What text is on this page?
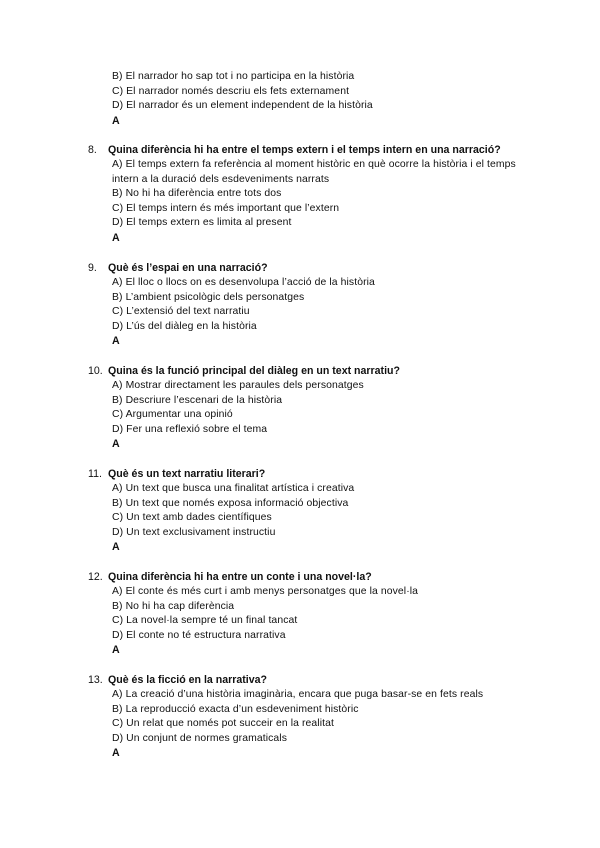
B) El narrador ho sap tot i no participa en la història
C) El narrador només descriu els fets externament
D) El narrador és un element independent de la història
A
8.	Quina diferència hi ha entre el temps extern i el temps intern en una narració?
A) El temps extern fa referència al moment històric en què ocorre la història i el temps intern a la duració dels esdeveniments narrats
B) No hi ha diferència entre tots dos
C) El temps intern és més important que l’extern
D) El temps extern es limita al present
A
9.	Què és l’espai en una narració?
A) El lloc o llocs on es desenvolupa l’acció de la història
B) L’ambient psicològic dels personatges
C) L’extensió del text narratiu
D) L’ús del diàleg en la història
A
10. Quina és la funció principal del diàleg en un text narratiu?
A) Mostrar directament les paraules dels personatges
B) Descriure l’escenari de la història
C) Argumentar una opinió
D) Fer una reflexió sobre el tema
A
11. Què és un text narratiu literari?
A) Un text que busca una finalitat artística i creativa
B) Un text que només exposa informació objectiva
C) Un text amb dades científiques
D) Un text exclusivament instructiu
A
12. Quina diferència hi ha entre un conte i una novel·la?
A) El conte és més curt i amb menys personatges que la novel·la
B) No hi ha cap diferència
C) La novel·la sempre té un final tancat
D) El conte no té estructura narrativa
A
13. Què és la ficció en la narrativa?
A) La creació d’una història imaginària, encara que puga basar-se en fets reals
B) La reproducció exacta d’un esdeveniment històric
C) Un relat que només pot succeir en la realitat
D) Un conjunt de normes gramaticals
A
